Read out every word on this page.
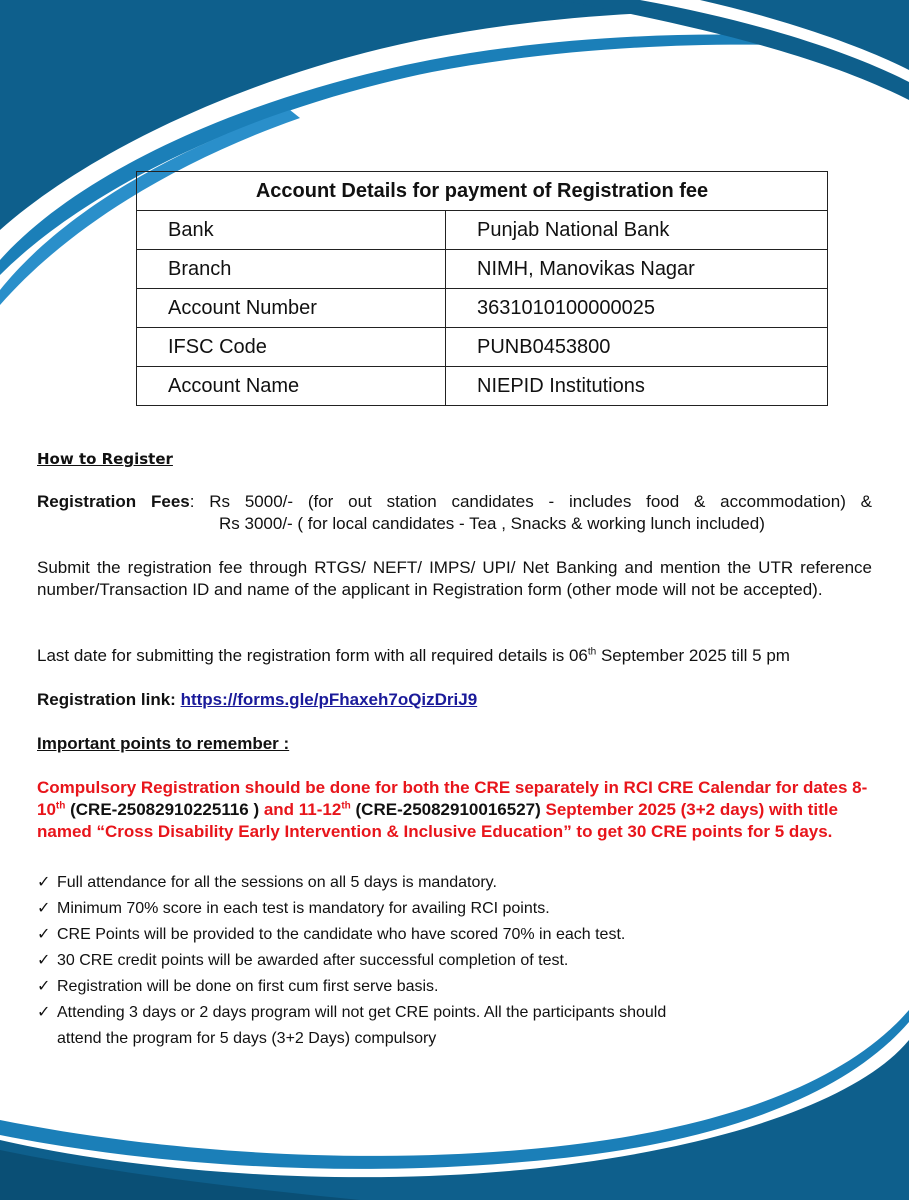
Account Details for payment of Registration fee	
Bank	Punjab National Bank
Branch	NIMH, Manovikas Nagar
Account Number	3631010100000025
IFSC Code	PUNB0453800
Account Name	NIEPID Institutions
How to Register
Registration Fees: Rs 5000/- (for out station candidates - includes food & accommodation) &
Rs 3000/- ( for local candidates - Tea , Snacks & working lunch included)
Submit the registration fee through RTGS/ NEFT/ IMPS/ UPI/ Net Banking and mention the UTR reference number/Transaction ID and name of the applicant in Registration form (other mode will not be accepted).
Last date for submitting the registration form with all required details is 06th September 2025 till 5 pm
Registration link: https://forms.gle/pFhaxeh7oQizDriJ9
Important points to remember :
Compulsory Registration should be done for both the CRE separately in RCI CRE Calendar for dates 8-10th (CRE-25082910225116 ) and 11-12th (CRE-25082910016527) September 2025 (3+2 days) with title named “Cross Disability Early Intervention & Inclusive Education” to get 30 CRE points for 5 days.
✓ Full attendance for all the sessions on all 5 days is mandatory.
✓ Minimum 70% score in each test is mandatory for availing RCI points.
✓ CRE Points will be provided to the candidate who have scored 70% in each test.
✓ 30 CRE credit points will be awarded after successful completion of test.
✓ Registration will be done on first cum first serve basis.
✓ Attending 3 days or 2 days program will not get CRE points. All the participants should
attend the program for 5 days (3+2 Days) compulsory
